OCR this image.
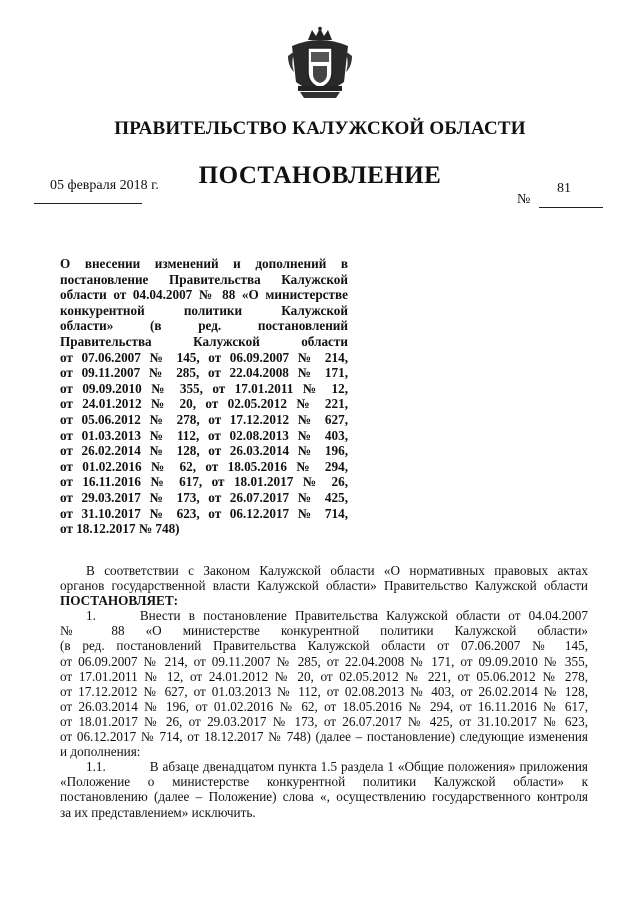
ПРАВИТЕЛЬСТВО КАЛУЖСКОЙ ОБЛАСТИ
ПОСТАНОВЛЕНИЕ
05 февраля 2018 г.	81
№
О внесении изменений и дополнений в
постановление Правительства Калужской
области от 04.04.2007 № 88 «О министерстве
конкурентной политики Калужской
области» (в ред. постановлений
Правительства Калужской области
от 07.06.2007 № 145, от 06.09.2007 № 214,
от 09.11.2007 № 285, от 22.04.2008 № 171,
от 09.09.2010 № 355, от 17.01.2011 № 12,
от 24.01.2012 № 20, от 02.05.2012 № 221,
от 05.06.2012 № 278, от 17.12.2012 № 627,
от 01.03.2013 № 112, от 02.08.2013 № 403,
от 26.02.2014 № 128, от 26.03.2014 № 196,
от 01.02.2016 № 62, от 18.05.2016 № 294,
от 16.11.2016 № 617, от 18.01.2017 № 26,
от 29.03.2017 № 173, от 26.07.2017 № 425,
от 31.10.2017 № 623, от 06.12.2017 № 714,
от 18.12.2017 № 748)
В соответствии с Законом Калужской области «О нормативных правовых актах
органов государственной власти Калужской области» Правительство Калужской области
ПОСТАНОВЛЯЕТ:
1.	Внести в постановление Правительства Калужской области от 04.04.2007
№ 88 «О министерстве конкурентной политики Калужской области»
(в ред. постановлений Правительства Калужской области от 07.06.2007 № 145,
от 06.09.2007 № 214, от 09.11.2007 № 285, от 22.04.2008 № 171, от 09.09.2010 № 355,
от 17.01.2011 № 12, от 24.01.2012 № 20, от 02.05.2012 № 221, от 05.06.2012 № 278,
от 17.12.2012 № 627, от 01.03.2013 № 112, от 02.08.2013 № 403, от 26.02.2014 № 128,
от 26.03.2014 № 196, от 01.02.2016 № 62, от 18.05.2016 № 294, от 16.11.2016 № 617,
от 18.01.2017 № 26, от 29.03.2017 № 173, от 26.07.2017 № 425, от 31.10.2017 № 623,
от 06.12.2017 № 714, от 18.12.2017 № 748) (далее – постановление) следующие изменения
и дополнения:
1.1.	В абзаце двенадцатом пункта 1.5 раздела 1 «Общие положения» приложения
«Положение о министерстве конкурентной политики Калужской области» к
постановлению (далее – Положение) слова «, осуществлению государственного контроля
за их представлением» исключить.
